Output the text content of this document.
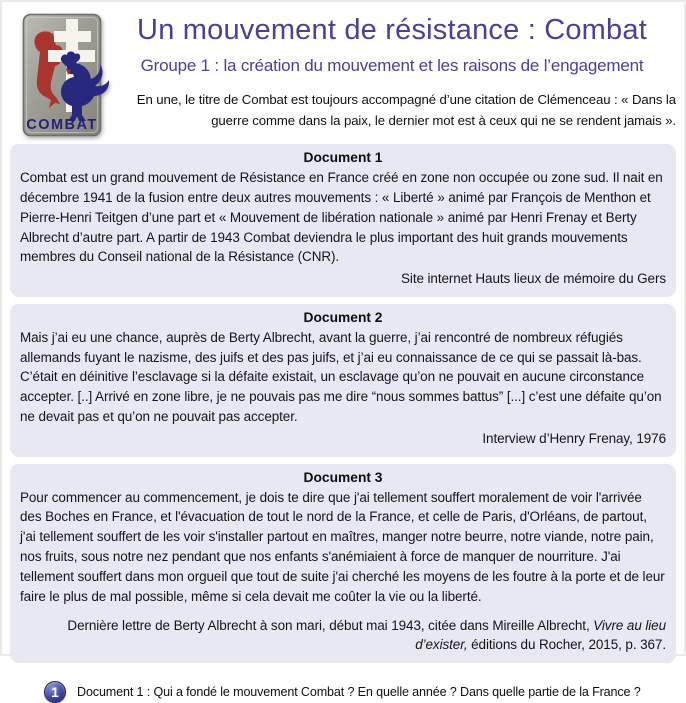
COMBAT
Un mouvement de résistance : Combat
Groupe 1 : la création du mouvement et les raisons de l’engagement

En une, le titre de Combat est toujours accompagné d’une citation de Clémenceau : « Dans la guerre comme dans la paix, le dernier mot est à ceux qui ne se rendent jamais ».

Document 1

Combat est un grand mouvement de Résistance en France créé en zone non occupée ou zone sud. Il nait en décembre 1941 de la fusion entre deux autres mouvements : « Liberté » animé par François de Menthon et Pierre-Henri Teitgen d’une part et « Mouvement de libération nationale » animé par Henri Frenay et Berty Albrecht d’autre part. A partir de 1943 Combat deviendra le plus important des huit grands mouvements membres du Conseil national de la Résistance (CNR).

Site internet Hauts lieux de mémoire du Gers

Document 2

Mais j’ai eu une chance, auprès de Berty Albrecht, avant la guerre, j’ai rencontré de nombreux réfugiés allemands fuyant le nazisme, des juifs et des pas juifs, et j’ai eu connaissance de ce qui se passait là-bas. C’était en déinitive l’esclavage si la défaite existait, un esclavage qu’on ne pouvait en aucune circonstance accepter. [..] Arrivé en zone libre, je ne pouvais pas me dire “nous sommes battus” [...] c’est une défaite qu’on ne devait pas et qu’on ne pouvait pas accepter.

Interview d’Henry Frenay, 1976

Document 3

Pour commencer au commencement, je dois te dire que j'ai tellement souffert moralement de voir l'arrivée des Boches en France, et l'évacuation de tout le nord de la France, et celle de Paris, d'Orléans, de partout, j'ai tellement souffert de les voir s'installer partout en maîtres, manger notre beurre, notre viande, notre pain, nos fruits, sous notre nez pendant que nos enfants s'anémiaient à force de manquer de nourriture. J'ai tellement souffert dans mon orgueil que tout de suite j'ai cherché les moyens de les foutre à la porte et de leur faire le plus de mal possible, même si cela devait me coûter la vie ou la liberté.

Dernière lettre de Berty Albrecht à son mari, début mai 1943, citée dans Mireille Albrecht, Vivre au lieu d’exister, éditions du Rocher, 2015, p. 367.

1 Document 1 : Qui a fondé le mouvement Combat ? En quelle année ? Dans quelle partie de la France ?
